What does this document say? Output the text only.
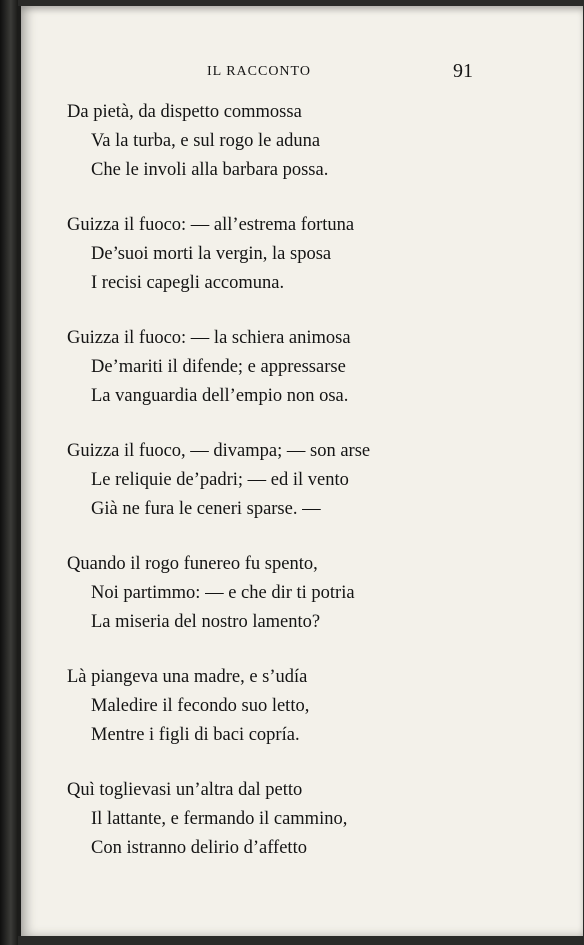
IL RACCONTO	91
Da pietà, da dispetto commossa
Va la turba, e sul rogo le aduna
Che le involi alla barbara possa.
Guizza il fuoco: — all’estrema fortuna
De’suoi morti la vergin, la sposa
I recisi capegli accomuna.
Guizza il fuoco: — la schiera animosa
De’mariti il difende; e appressarse
La vanguardia dell’empio non osa.
Guizza il fuoco, — divampa; — son arse
Le reliquie de’padri; — ed il vento
Già ne fura le ceneri sparse. —
Quando il rogo funereo fu spento,
Noi partimmo: — e che dir ti potria
La miseria del nostro lamento?
Là piangeva una madre, e s’udía
Maledire il fecondo suo letto,
Mentre i figli di baci copría.
Quì toglievasi un’altra dal petto
Il lattante, e fermando il cammino,
Con istranno delirio d’affetto
